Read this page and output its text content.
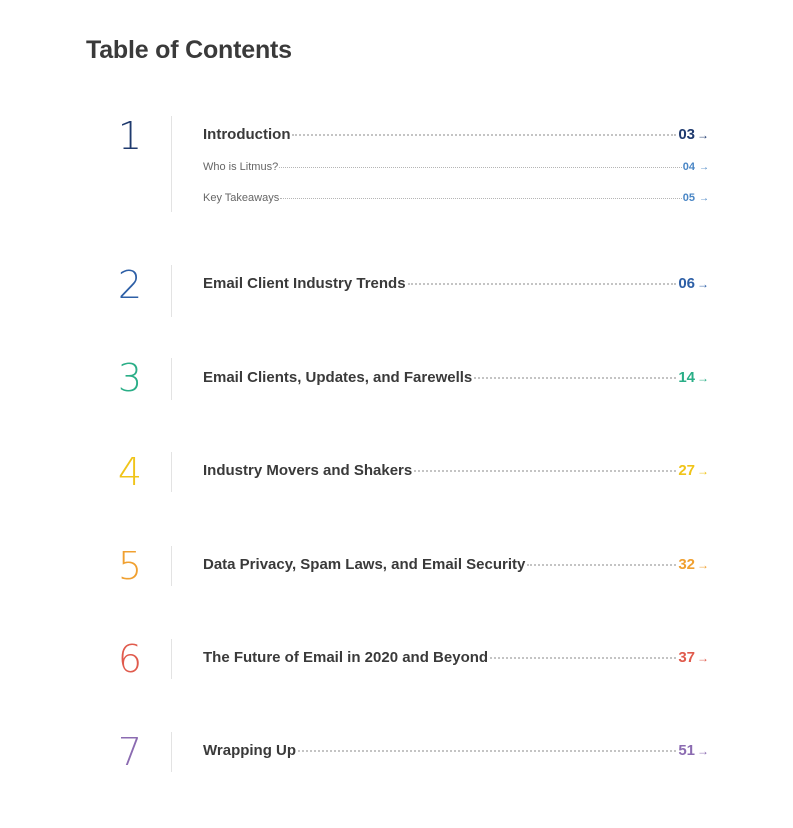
Table of Contents
1	Introduction	03 →
Who is Litmus?	04 →
Key Takeaways	05 →
2	Email Client Industry Trends	06 →
3	Email Clients, Updates, and Farewells	14 →
4	Industry Movers and Shakers	27 →
5	Data Privacy, Spam Laws, and Email Security	32 →
6	The Future of Email in 2020 and Beyond	37 →
7	Wrapping Up	51 →
